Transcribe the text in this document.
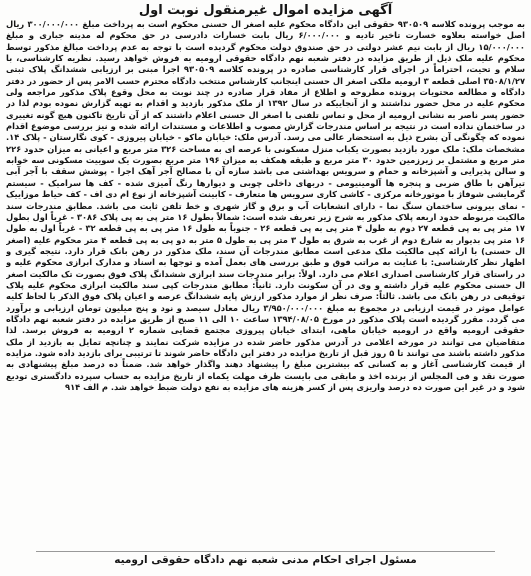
آگهی مزایده اموال غیرمنقول نوبت اول
به موجب پرونده کلاسه ۹۳۰۵۰۹ حقوقی این دادگاه محکوم علیه اصغر ال حسنی محکوم است به پرداخت مبلغ ۳۰۰/۰۰۰/۰۰۰ ریال اصل خواسته بعلاوه خسارت تاخیر تادیه و ۶/۰۰۰/۰۰۰ ریال بابت خسارات دادرسی در حق محکوم له مدینه جباری و مبلغ ۱۵/۰۰۰/۰۰۰ ریال از بابت نیم عشر دولتی در حق صندوق دولت محکوم گردیده است با توجه به عدم پرداخت مبالغ مذکور توسط محکوم علیه ملک ذیل از طریق مزایده در دفتر شعبه نهم دادگاه حقوقی ارومیه به فروش خواهد رسید. نظریه کارشناسی، با سلام و تحیت، احتراماً در اجرای قرار کارشناسی صادره در پرونده کلاسه ۹۳۰۵۰۹ اجرا مبنی بر ارزیابی ششدانگ پلاک ثبتی ۳۵۰۸/۱/۲۷ اصلی قطعه ۳ ارومیه ملکی اصغر ال حسنی اینجانب کارشناس منتخب دادگاه محترم حسب الامر پس از حضور در دفتر دادگاه و مطالعه محتویات پرونده مطروحه و اطلاع از مفاد قرار صادره در چند نوبت به محل وقوع پلاک مذکور مراجعه ولی محکوم علیه در محل حضور نداشتند و از آنجاییکه در سال ۱۳۹۲ از ملک مذکور بازدید و اقدام به تهیه گزارش نموده بودم لذا در حضور پسر ناصر به نشانی ارومیه از محل و تماس تلفنی با اصغر ال حسنی اعلام داشتند که از آن تاریخ تاکنون هیچ گونه تغییری در ساختمان نداده است در نتیجه بر اساس مندرجات گزارش مصوب و اطلاعات و مستندات ارائه شده و نیز بررسی موضوع اقدام نموده که چگونگی آن بشرح ذیل به استحضار عالی می رسد. آدرس ملک: خیابان ماکو - خیابان پیروزی - کوی نگارستان - پلاک ۱۴. مشخصات ملک: ملک مورد بازدید بصورت یکباب منزل مسکونی با عرصه ای به مساحت ۳۲۶ متر مربع و اعیانی به میزان حدود ۲۲۶ متر مربع و مشتمل بر زیرزمین حدود ۳۰ متر مربع و طبقه همکف به میزان ۱۹۶ متر مربع بصورت یک سوییت مسکونی سه خوابه و سالن پذیرایی و آشپزخانه و حمام و سرویس بهداشتی می باشد سازه آن با مصالح آجر آهک اجرا - پوشش سقف با آجر آبی تیرآهن با طاق ضربی و پنجره ها آلومینیومی - دربهای داخلی چوبی و دیوارها رنگ آمیزی شده - کف ها سرامیک - سیستم گرمایشی شوفاژ با موتورخانه مرکزی - کاشی کاری سرویس ها متعارف - کابینت آشپزخانه از نوع ام دی اف - کف حیاط موزاییک - نمای بیرونی ساختمان سنگ نما - دارای انشعابات آب و برق و گاز شهری و خط تلفن ثابت می باشد. مطابق مندرجات سند مالکیت مربوطه حدود اربعه پلاک مذکور به شرح زیر تعریف شده است: شمالاً بطول ۱۶ متر پی به پی پلاک ۳۰۸۶ - غرباً اول بطول ۱۷ متر پی به پی قطعه ۲۷ دوم به طول ۴ متر پی به پی قطعه ۲۶ - جنوباً به طول ۱۶ متر پی به پی قطعه ۳۲ - غرباً اول به طول ۱۶ متر پی بدیوار به شارع دوم از غرب به شرق به طول ۳ متر پی به طول ۵ متر به دو پی به پی قطعه ۴ متر محکوم علیه (اصغر ال حسنی) با ارائه کپی مالکیت ملک مدعی است مطابق مندرجات آن سند، ملک مذکور در رهن بانک قرار دارد. نتیجه گیری و اظهار نظر کارشناسی: با عنایت به مراتب فوق و طبق بررسی های بعمل آمده و توجها به اسناد و مدارک ابرازی محکوم علیه و در راستای قرار کارشناسی اصداری اعلام می دارد. اولاً: برابر مندرجات سند ابرازی ششدانگ پلاک فوق بصورت تک مالکیت اصغر ال حسنی محکوم علیه قرار داشته و وی در آن سکونت دارد. ثانیاً: مطابق مندرجات کپی سند مالکیت ابرازی محکوم علیه پلاک توقیفی در رهن بانک می باشد. ثالثاً: صرف نظر از موارد مذکور ارزش پایه ششدانگ عرصه و اعیان پلاک فوق الذکر با لحاظ کلیه عوامل موثر در قیمت ارزیابی در مجموع به مبلغ ۳/۹۵۰/۰۰۰/۰۰۰ ریال معادل سیصد و نود و پنج میلیون تومان ارزیابی و برآورد می گردد. مقرر گردیده است پلاک مذکور در مورخ ۱۳۹۴/۰۸/۰۵ ساعت ۱۰ الی ۱۱ صبح از طریق مزایده در دفتر شعبه نهم دادگاه حقوقی ارومیه واقع در ارومیه خیابان ماهی، ابتدای خیابان پیروزی مجتمع قضایی شماره ۲ ارومیه به فروش برسد. لذا متقاضیان می توانند در مورخه اعلامی در آدرس مذکور حاضر شده در مزایده شرکت نمایند و چنانچه تمایل به بازدید از ملک مذکور داشته باشند می توانند تا ۵ روز قبل از تاریخ مزایده در دفتر این دادگاه حاضر شوند تا ترتیبی برای بازدید داده شود. مزایده از قیمت کارشناسی آغاز و به کسانی که بیشترین مبلغ را پیشنهاد دهند واگذار خواهد شد. ضمناً ده درصد مبلغ پیشنهادی به صورت نقد و فی المجلس از برنده اخذ و مابقی می بایست ظرف مهلت یکماه از تاریخ مزایده به حساب سپرده دادگستری تودیع شود و در غیر این صورت ده درصد واریزی پس از کسر هزینه های مزایده به نفع دولت ضبط خواهد شد. م الف ۹۱۴
مسئول اجرای احکام مدنی شعبه نهم دادگاه حقوقی ارومیه
